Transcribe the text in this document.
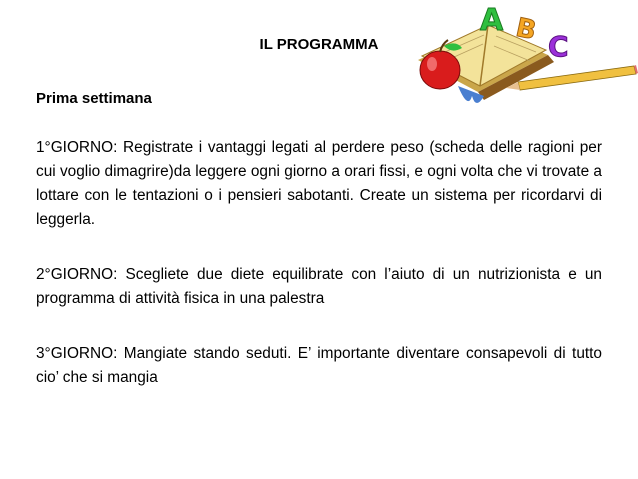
IL PROGRAMMA
A B
C
Prima settimana
1°GIORNO: Registrate i vantaggi legati al perdere peso (scheda delle ragioni per cui voglio dimagrire)da leggere ogni giorno a orari fissi, e ogni volta che vi trovate a lottare con le tentazioni o i pensieri sabotanti. Create un sistema per ricordarvi di leggerla.
2°GIORNO: Scegliete due diete equilibrate con l’aiuto di un nutrizionista e un programma di attività fisica in una palestra
3°GIORNO: Mangiate stando seduti. E’ importante diventare consapevoli di tutto cio’ che si mangia
